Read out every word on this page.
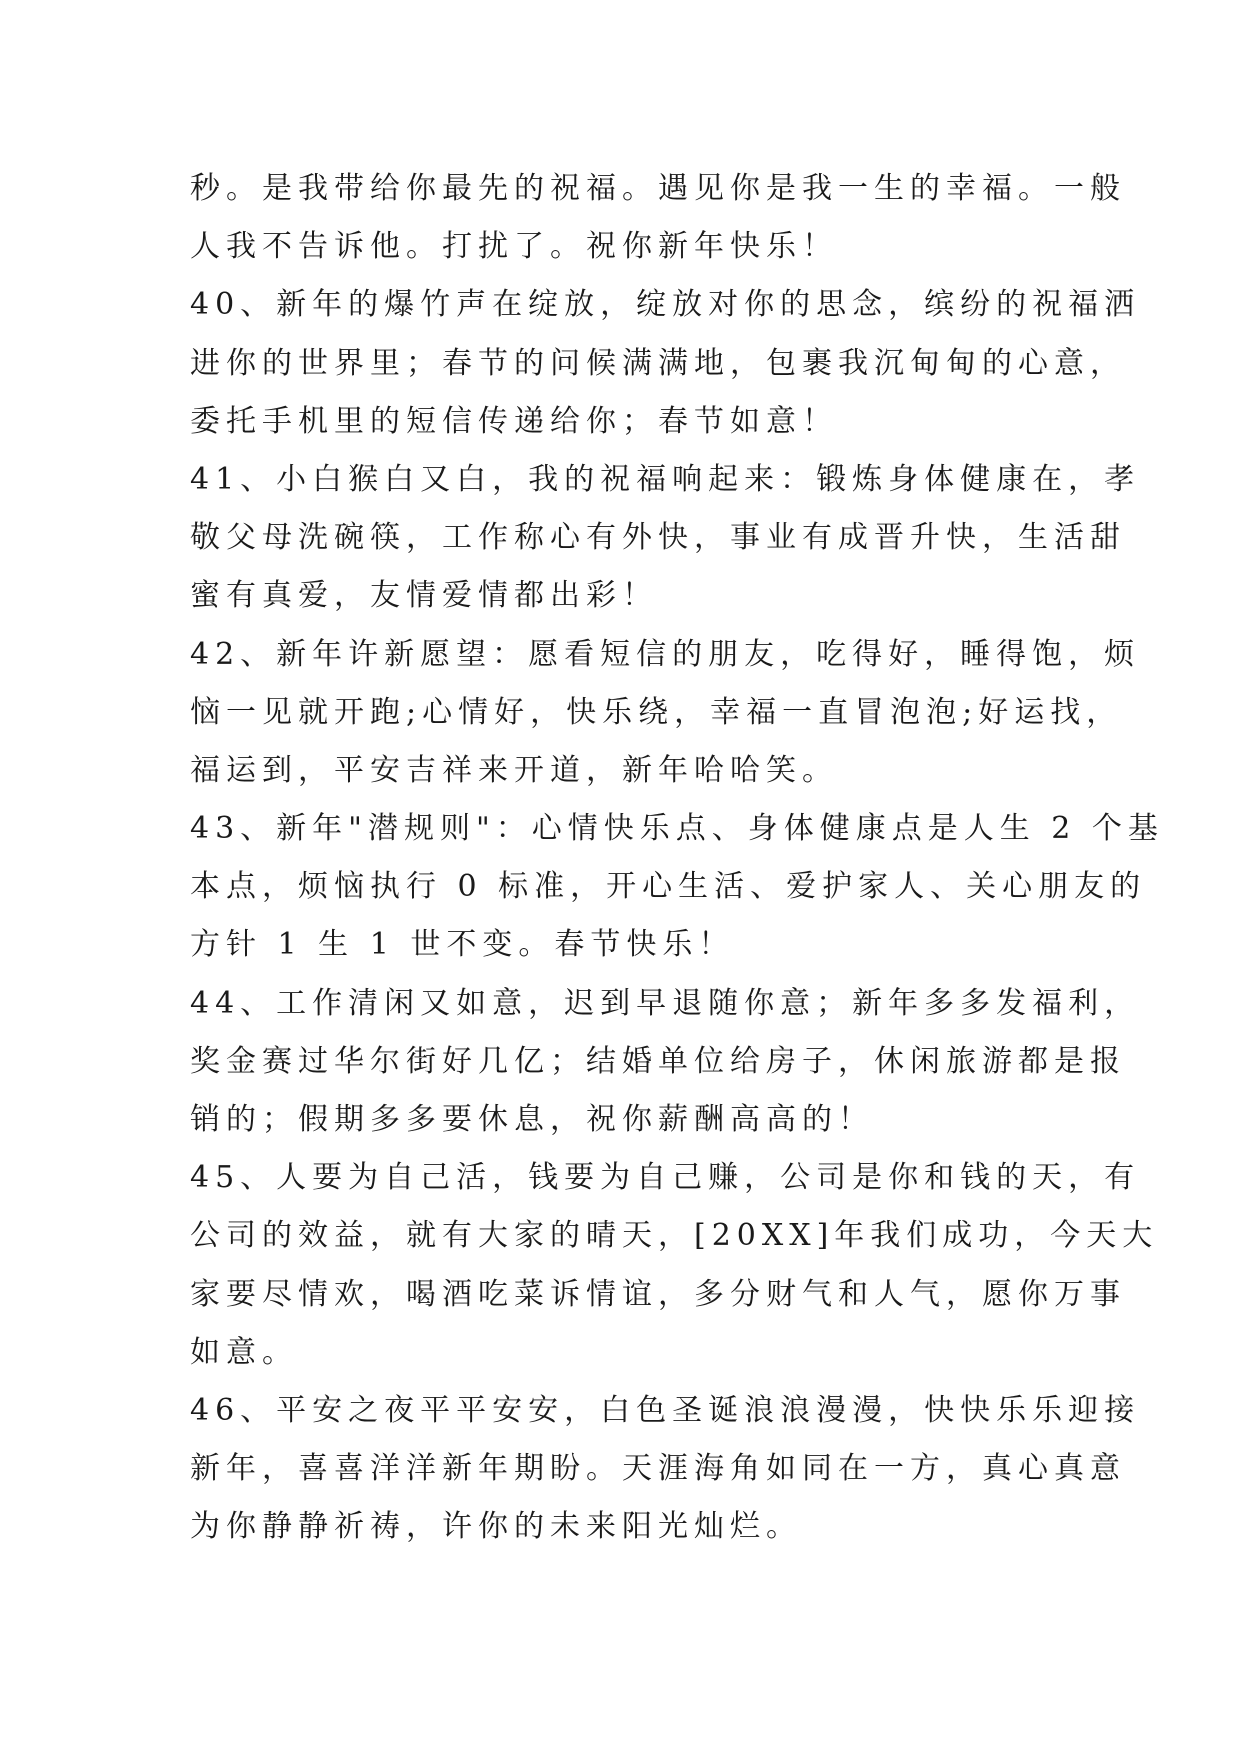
秒。是我带给你最先的祝福。遇见你是我一生的幸福。一般
人我不告诉他。打扰了。祝你新年快乐！
40、新年的爆竹声在绽放，绽放对你的思念，缤纷的祝福洒
进你的世界里；春节的问候满满地，包裹我沉甸甸的心意，
委托手机里的短信传递给你；春节如意！
41、小白猴白又白，我的祝福响起来：锻炼身体健康在，孝
敬父母洗碗筷，工作称心有外快，事业有成晋升快，生活甜
蜜有真爱，友情爱情都出彩！
42、新年许新愿望：愿看短信的朋友，吃得好，睡得饱，烦
恼一见就开跑;心情好，快乐绕，幸福一直冒泡泡;好运找，
福运到，平安吉祥来开道，新年哈哈笑。
43、新年"潜规则"：心情快乐点、身体健康点是人生 2 个基
本点，烦恼执行 0 标准，开心生活、爱护家人、关心朋友的
方针 1 生 1 世不变。春节快乐！
44、工作清闲又如意，迟到早退随你意；新年多多发福利，
奖金赛过华尔街好几亿；结婚单位给房子，休闲旅游都是报
销的；假期多多要休息，祝你薪酬高高的！
45、人要为自己活，钱要为自己赚，公司是你和钱的天，有
公司的效益，就有大家的晴天，[20XX]年我们成功，今天大
家要尽情欢，喝酒吃菜诉情谊，多分财气和人气，愿你万事
如意。
46、平安之夜平平安安，白色圣诞浪浪漫漫，快快乐乐迎接
新年，喜喜洋洋新年期盼。天涯海角如同在一方，真心真意
为你静静祈祷，许你的未来阳光灿烂。
